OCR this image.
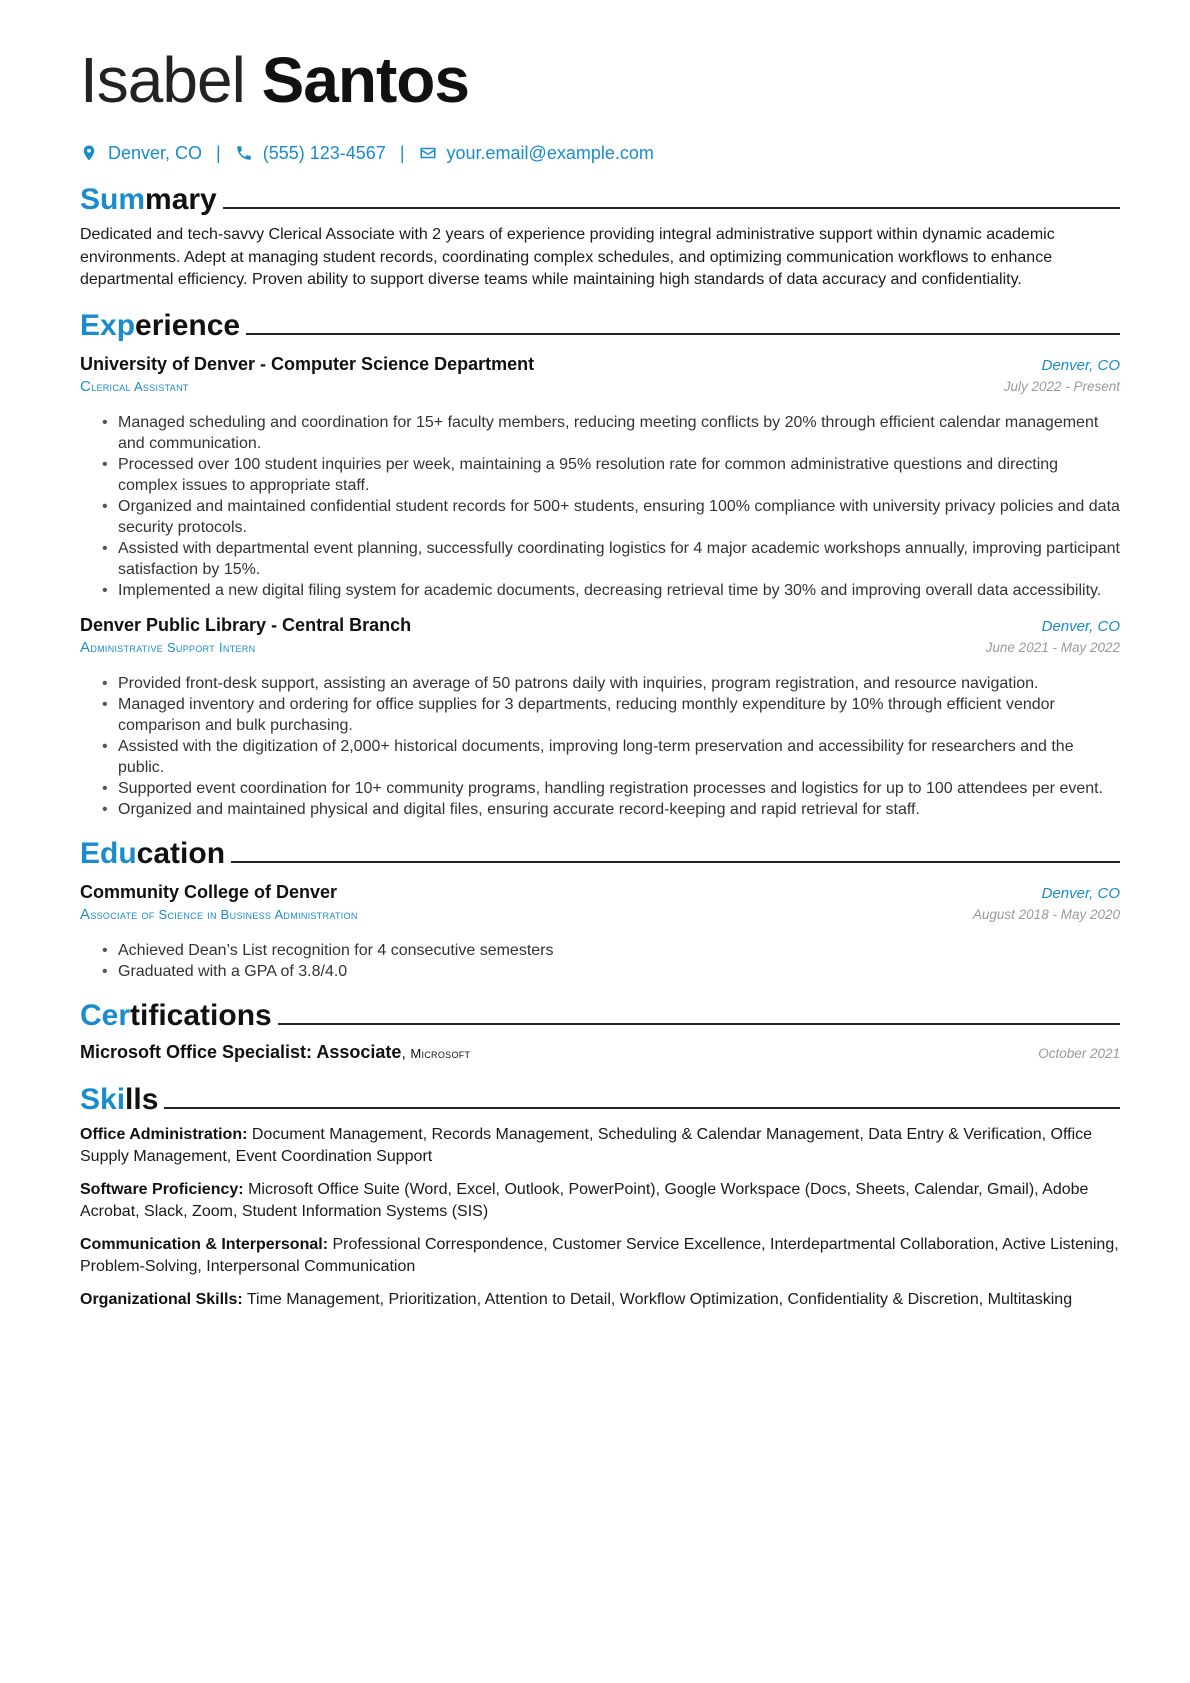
Isabel Santos
Denver, CO | (555) 123-4567 | your.email@example.com
Summary

Dedicated and tech-savvy Clerical Associate with 2 years of experience providing integral administrative support within dynamic academic environments. Adept at managing student records, coordinating complex schedules, and optimizing communication workflows to enhance departmental efficiency. Proven ability to support diverse teams while maintaining high standards of data accuracy and confidentiality.

Experience
University of Denver - Computer Science Department	Denver, CO
Clerical Assistant	July 2022 - Present
• Managed scheduling and coordination for 15+ faculty members, reducing meeting conflicts by 20% through efficient calendar management and communication.
• Processed over 100 student inquiries per week, maintaining a 95% resolution rate for common administrative questions and directing complex issues to appropriate staff.
• Organized and maintained confidential student records for 500+ students, ensuring 100% compliance with university privacy policies and data security protocols.
• Assisted with departmental event planning, successfully coordinating logistics for 4 major academic workshops annually, improving participant satisfaction by 15%.
• Implemented a new digital filing system for academic documents, decreasing retrieval time by 30% and improving overall data accessibility.
Denver Public Library - Central Branch	Denver, CO
Administrative Support Intern	June 2021 - May 2022
• Provided front-desk support, assisting an average of 50 patrons daily with inquiries, program registration, and resource navigation.
• Managed inventory and ordering for office supplies for 3 departments, reducing monthly expenditure by 10% through efficient vendor comparison and bulk purchasing.
• Assisted with the digitization of 2,000+ historical documents, improving long-term preservation and accessibility for researchers and the public.
• Supported event coordination for 10+ community programs, handling registration processes and logistics for up to 100 attendees per event.
• Organized and maintained physical and digital files, ensuring accurate record-keeping and rapid retrieval for staff.
Education
Community College of Denver	Denver, CO
Associate of Science in Business Administration	August 2018 - May 2020
• Achieved Dean’s List recognition for 4 consecutive semesters
• Graduated with a GPA of 3.8/4.0
Certifications
Microsoft Office Specialist: Associate, Microsoft	October 2021
Skills
Office Administration: Document Management, Records Management, Scheduling & Calendar Management, Data Entry & Verification, Office Supply Management, Event Coordination Support
Software Proficiency: Microsoft Office Suite (Word, Excel, Outlook, PowerPoint), Google Workspace (Docs, Sheets, Calendar, Gmail), Adobe Acrobat, Slack, Zoom, Student Information Systems (SIS)
Communication & Interpersonal: Professional Correspondence, Customer Service Excellence, Interdepartmental Collaboration, Active Listening, Problem-Solving, Interpersonal Communication
Organizational Skills: Time Management, Prioritization, Attention to Detail, Workflow Optimization, Confidentiality & Discretion, Multitasking
